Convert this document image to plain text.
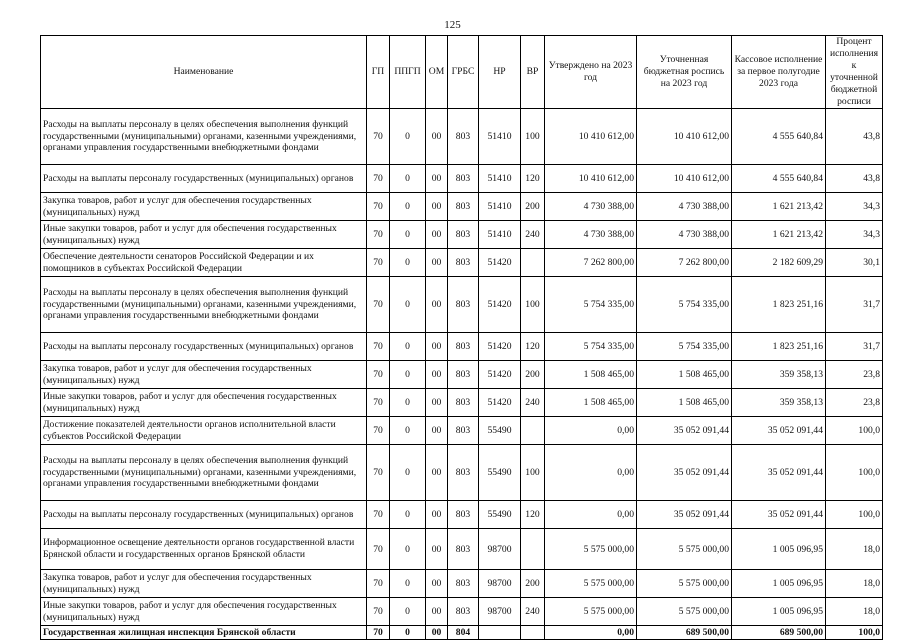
125
Наименование	ГП	ППГП	ОМ	ГРБС	НР	ВР	Утверждено на 2023 год	Уточненная бюджетная роспись на 2023 год	Кассовое исполнение за первое полугодие 2023 года	Процент исполнения к уточненной бюджетной росписи
Расходы на выплаты персоналу в целях обеспечения выполнения функций государственными (муниципальными) органами, казенными учреждениями, органами управления государственными внебюджетными фондами	70	0	00	803	51410	100	10 410 612,00	10 410 612,00	4 555 640,84	43,8
Расходы на выплаты персоналу государственных (муниципальных) органов	70	0	00	803	51410	120	10 410 612,00	10 410 612,00	4 555 640,84	43,8
Закупка товаров, работ и услуг для обеспечения государственных (муниципальных) нужд	70	0	00	803	51410	200	4 730 388,00	4 730 388,00	1 621 213,42	34,3
Иные закупки товаров, работ и услуг для обеспечения государственных (муниципальных) нужд	70	0	00	803	51410	240	4 730 388,00	4 730 388,00	1 621 213,42	34,3
Обеспечение деятельности сенаторов Российской Федерации и их помощников в субъектах Российской Федерации	70	0	00	803	51420		7 262 800,00	7 262 800,00	2 182 609,29	30,1
Расходы на выплаты персоналу в целях обеспечения выполнения функций государственными (муниципальными) органами, казенными учреждениями, органами управления государственными внебюджетными фондами	70	0	00	803	51420	100	5 754 335,00	5 754 335,00	1 823 251,16	31,7
Расходы на выплаты персоналу государственных (муниципальных) органов	70	0	00	803	51420	120	5 754 335,00	5 754 335,00	1 823 251,16	31,7
Закупка товаров, работ и услуг для обеспечения государственных (муниципальных) нужд	70	0	00	803	51420	200	1 508 465,00	1 508 465,00	359 358,13	23,8
Иные закупки товаров, работ и услуг для обеспечения государственных (муниципальных) нужд	70	0	00	803	51420	240	1 508 465,00	1 508 465,00	359 358,13	23,8
Достижение показателей деятельности органов исполнительной власти субъектов Российской Федерации	70	0	00	803	55490		0,00	35 052 091,44	35 052 091,44	100,0
Расходы на выплаты персоналу в целях обеспечения выполнения функций государственными (муниципальными) органами, казенными учреждениями, органами управления государственными внебюджетными фондами	70	0	00	803	55490	100	0,00	35 052 091,44	35 052 091,44	100,0
Расходы на выплаты персоналу государственных (муниципальных) органов	70	0	00	803	55490	120	0,00	35 052 091,44	35 052 091,44	100,0
Информационное освещение деятельности органов государственной власти Брянской области и государственных органов Брянской области	70	0	00	803	98700		5 575 000,00	5 575 000,00	1 005 096,95	18,0
Закупка товаров, работ и услуг для обеспечения государственных (муниципальных) нужд	70	0	00	803	98700	200	5 575 000,00	5 575 000,00	1 005 096,95	18,0
Иные закупки товаров, работ и услуг для обеспечения государственных (муниципальных) нужд	70	0	00	803	98700	240	5 575 000,00	5 575 000,00	1 005 096,95	18,0
Государственная жилищная инспекция Брянской области	70	0	00	804			0,00	689 500,00	689 500,00	100,0
